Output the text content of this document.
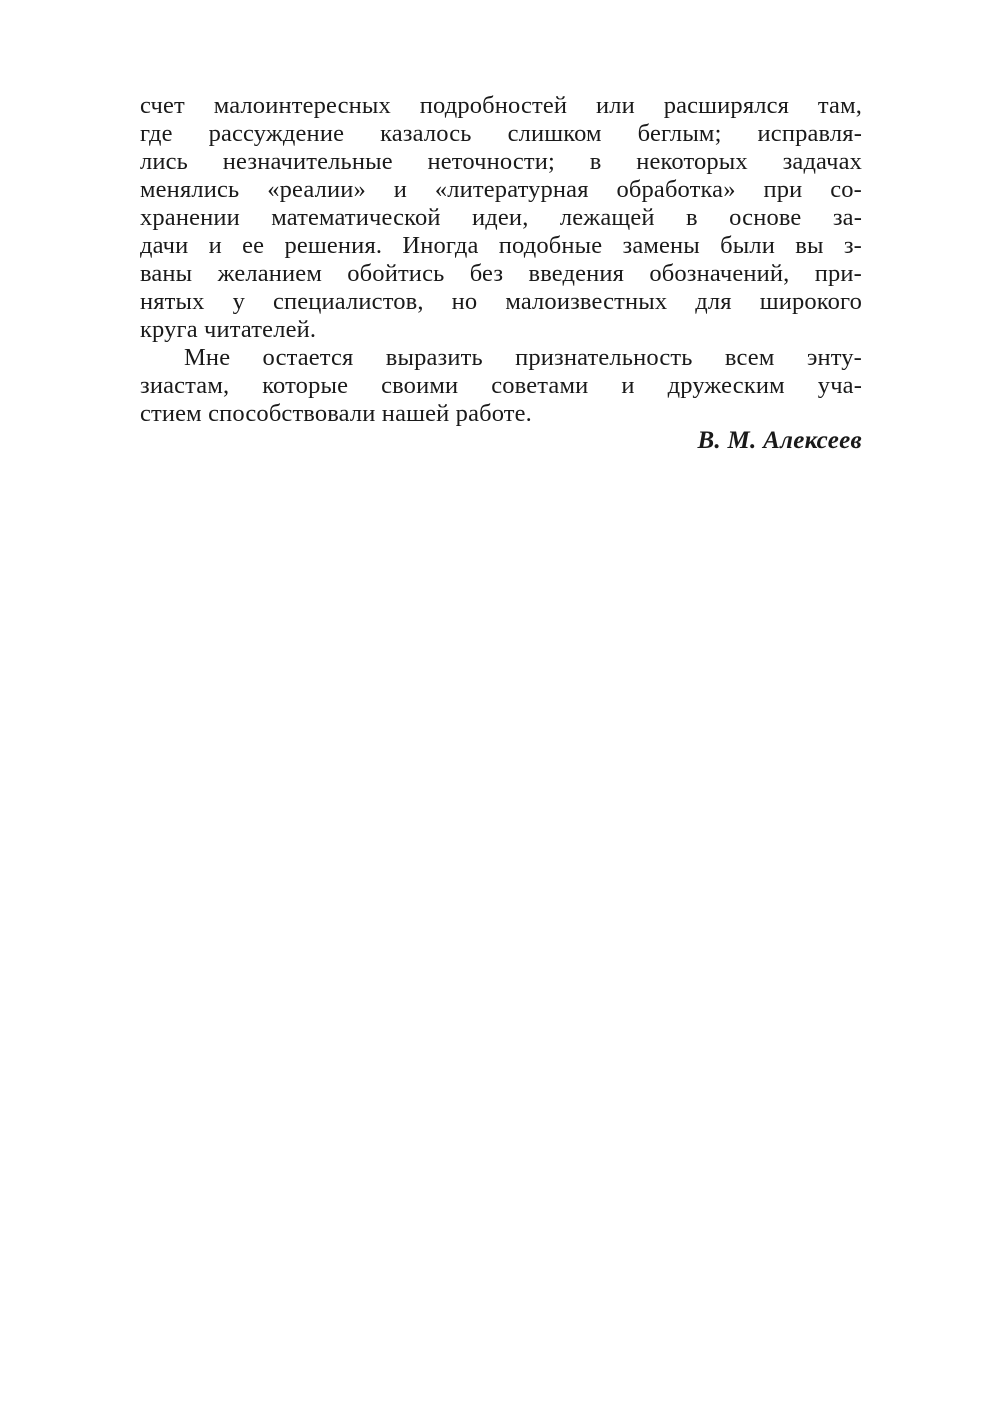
счет малоинтересных подробностей или расширялся там,
где рассуждение казалось слишком беглым; исправля-
лись незначительные неточности; в некоторых задачах
менялись «реалии» и «литературная обработка» при со-
хранении математической идеи, лежащей в основе за-
дачи и ее решения. Иногда подобные замены были вы з-
ваны желанием обойтись без введения обозначений, при-
нятых у специалистов, но малоизвестных для широкого
круга читателей.
Мне остается выразить признательность всем энту-
зиастам, которые своими советами и дружеским уча-
стием способствовали нашей работе.
В. М. Алексеев
